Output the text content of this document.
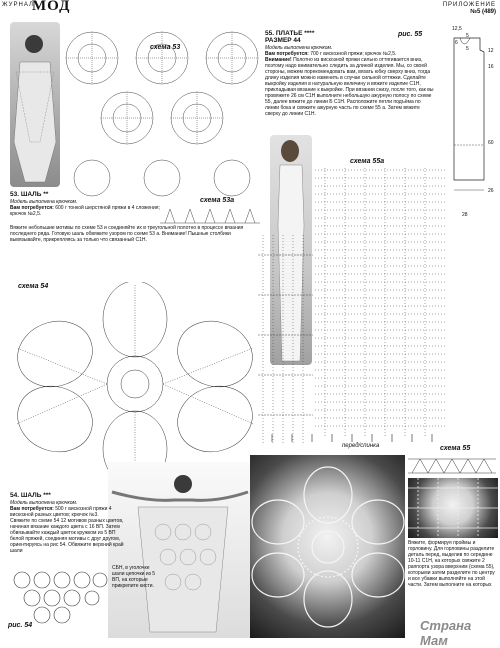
ЖУРНАЛ
МОД	ПРИЛОЖЕНИЕ
№5 (489)
схема 53
55. ПЛАТЬЕ ****
РАЗМЕР 44
рис. 55
Модель выполнена крючком.
Вам потребуется: 700 г вискозной пряжи; крючок №2,5.
Внимание! Полотно из вискозной пряжи сильно оттягивается вниз, поэтому надо внимательно следить за длиной изделия. Мы, со своей стороны, можем порекомендовать вам, вязать юбку сверху вниз, тогда длину изделия можно изменить в случае сильной оттяжки. Сделайте выкройку изделия в натуральную величину и вяжите изделие С1Н, прикладывая вязание к выкройке. При вязании снизу, после того, как вы провяжете 26 см С1Н выполните небольшую ажурную полосу по схеме 55, далее вяжите до линии Б С1Н. Расположите петли подъёма по линии бока и свяжите ажурную часть по схеме 55 а. Затем вяжите сверху до линии С1Н.
12,5
5
6
5	12
16
60
26
28
схема 53а
53. ШАЛЬ **
Модель выполнена крючком.
Вам потребуется: 600 г тонкой шерстяной пряжи в 4 сложения; крючок №2,5.
Вяжите небольшие мотивы по схеме 53 и соединяйте их в треугольной полотно в процессе вязания последнего ряда. Готовую шаль обвяжите узором по схеме 53 а. Внимание! Пышные столбики вывязывайте, прикрепляясь за только что связанный С1Н.
схема 55а
схема 54
перед/спинка	схема 55
Вяжите, формируя проймы и горловину. Для горловины разделите деталь перед, выделив по середине 10-11 С1Н, на которых свяжите 2 раппорта узора вверхним (схема 55), которыми затем разделите по центру и все убавки выполняйте на этой части. Затем выполните на которых
54. ШАЛЬ ***
Модель выполнена крючком.
Вам потребуется: 500 г вискозной пряжи 4 вискозной разных цветов; крючок №3.
Свяжите по схеме 54 12 мотивов разных цветов, начиная вязание каждого цвета с 16 ВП. Затем обвязывайте каждый цветок кружком из 5 ВП белой пряжей, соединяя мотивы с друг другом, ориентируясь на рис 54. Обвяжите верхний край шали
рис. 54
СБН, в уголочке шали цепочки из 5 ВП, на которые прикрепите кисти.
Страна Мам
